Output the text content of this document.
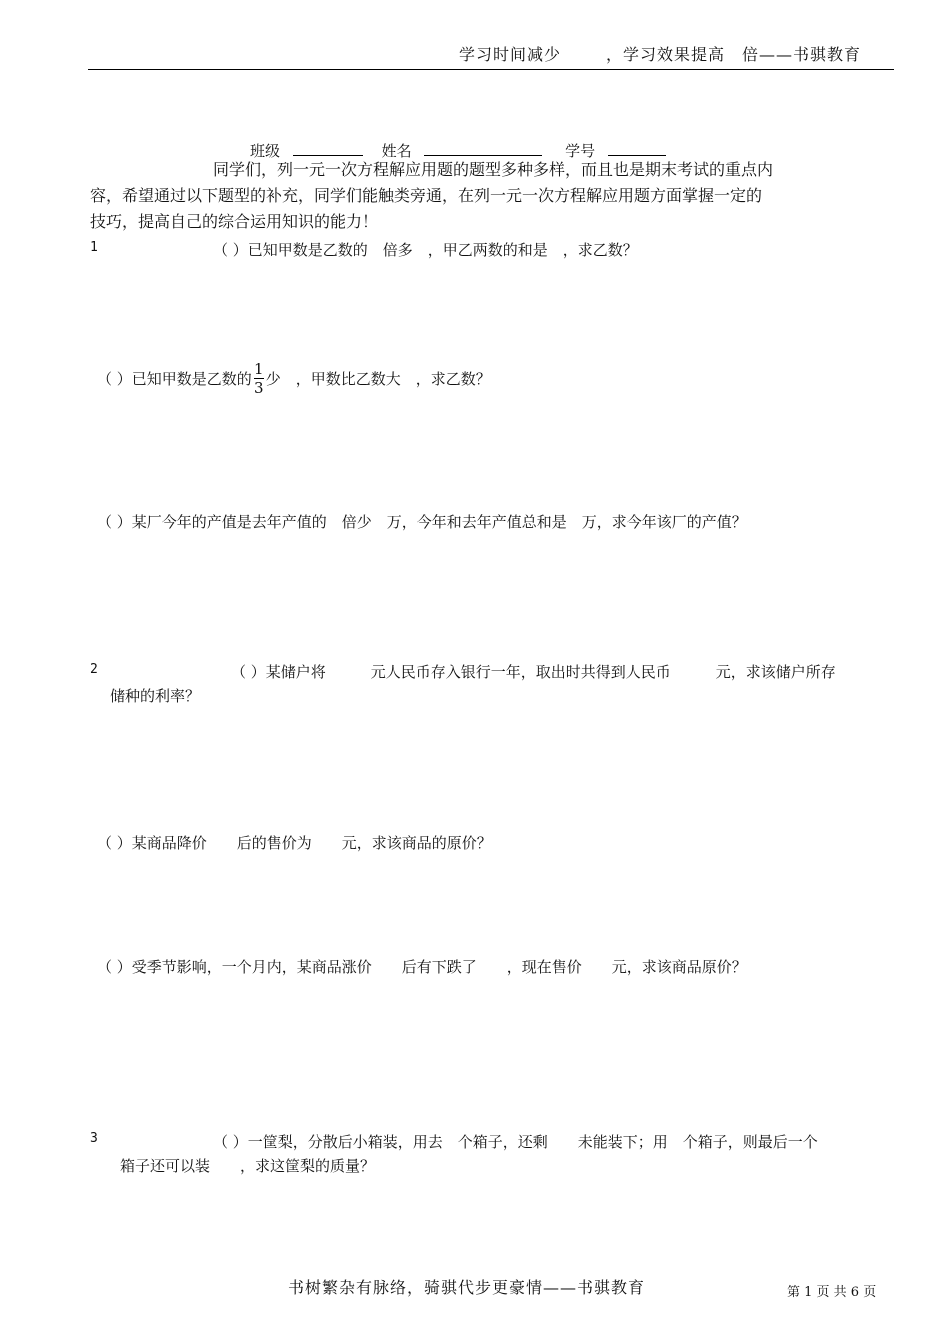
学习时间减少	，学习效果提高　倍——书骐教育
班级	姓名	学号
同学们，列一元一次方程解应用题的题型多种多样，而且也是期末考试的重点内
容，希望通过以下题型的补充，同学们能触类旁通，在列一元一次方程解应用题方面掌握一定的
技巧，提高自己的综合运用知识的能力！
1
　　　　　	（ ）已知甲数是乙数的　倍多　，甲乙两数的和是　，求乙数？
（ ）已知甲数是乙数的 $\frac{1}{3}$ 少　，甲数比乙数大　，求乙数？
（ ）某厂今年的产值是去年产值的　倍少　万，今年和去年产值总和是　万，求今年该厂的产值？
2	（ ）某储户将　　　元人民币存入银行一年，取出时共得到人民币　　　元，求该储户所存
储种的利率？
（ ）某商品降价　　后的售价为　　元，求该商品的原价？
（ ）受季节影响，一个月内，某商品涨价　　后有下跌了　　，现在售价　　元，求该商品原价？
3	（ ）一筐梨，分散后小箱装，用去　个箱子，还剩　　未能装下；用　个箱子，则最后一个
箱子还可以装　　，求这筐梨的质量？
书树繁杂有脉络，骑骐代步更豪情——书骐教育	第 1 页 共 6 页
